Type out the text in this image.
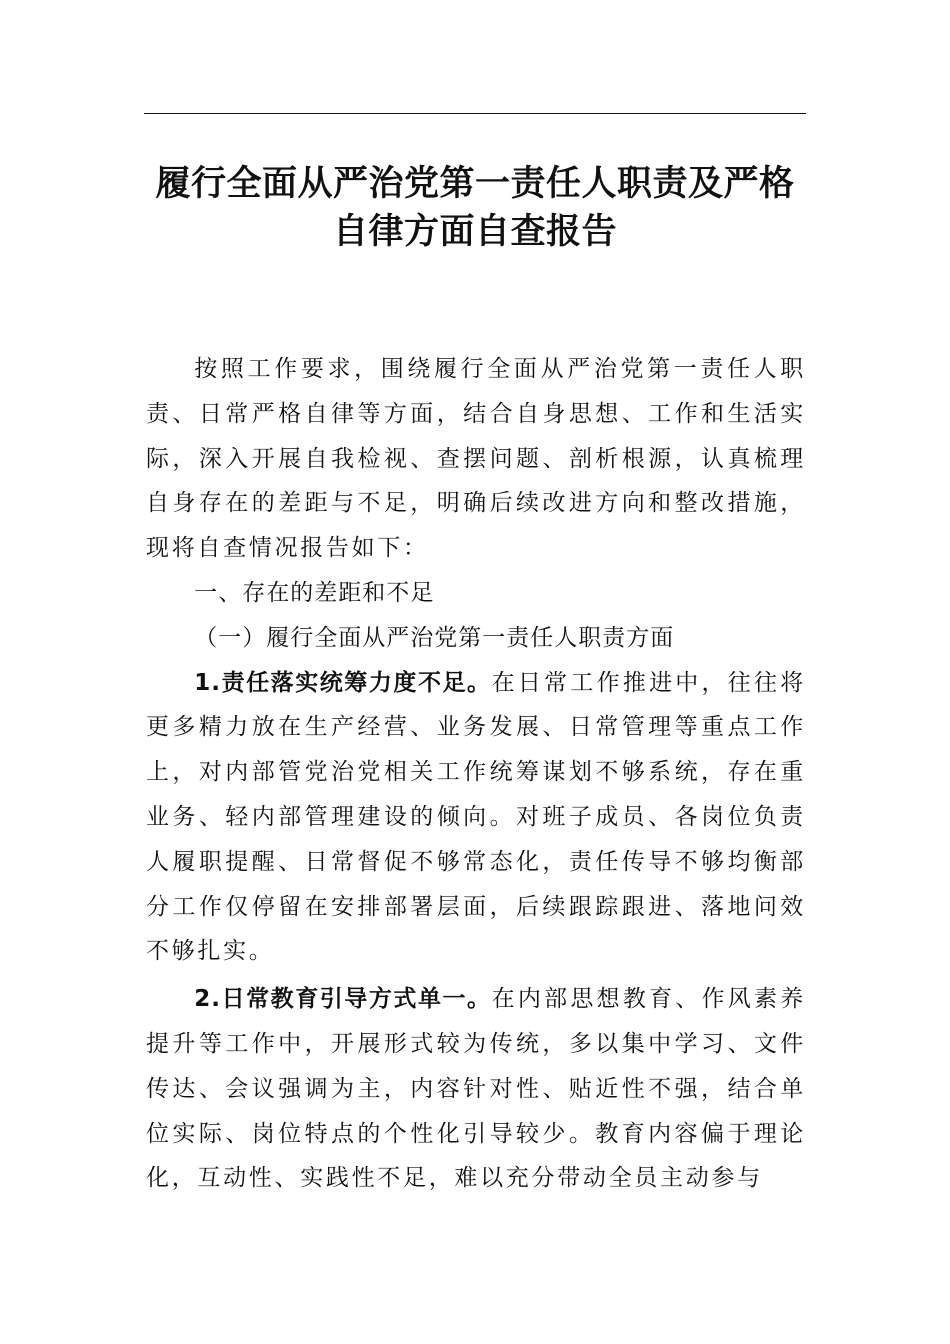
履行全面从严治党第一责任人职责及严格
自律方面自查报告

按照工作要求，围绕履行全面从严治党第一责任人职责、日常严格自律等方面，结合自身思想、工作和生活实际，深入开展自我检视、查摆问题、剖析根源，认真梳理自身存在的差距与不足，明确后续改进方向和整改措施，现将自查情况报告如下：

一、存在的差距和不足

（一）履行全面从严治党第一责任人职责方面

1.责任落实统筹力度不足。在日常工作推进中，往往将更多精力放在生产经营、业务发展、日常管理等重点工作上，对内部管党治党相关工作统筹谋划不够系统，存在重业务、轻内部管理建设的倾向。对班子成员、各岗位负责人履职提醒、日常督促不够常态化，责任传导不够均衡部分工作仅停留在安排部署层面，后续跟踪跟进、落地问效不够扎实。

2.日常教育引导方式单一。在内部思想教育、作风素养提升等工作中，开展形式较为传统，多以集中学习、文件传达、会议强调为主，内容针对性、贴近性不强，结合单位实际、岗位特点的个性化引导较少。教育内容偏于理论化，互动性、实践性不足，难以充分带动全员主动参与
